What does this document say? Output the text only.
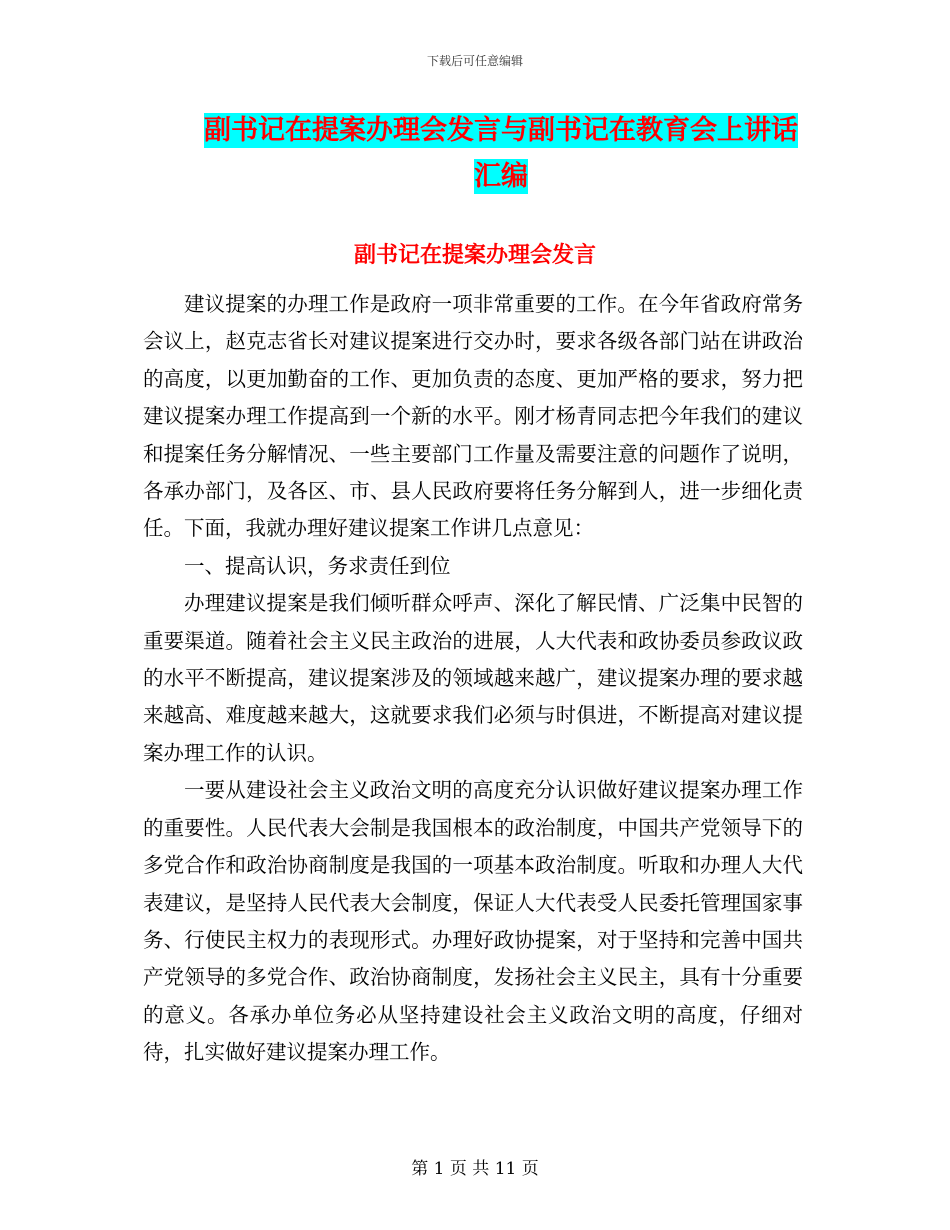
下载后可任意编辑
副书记在提案办理会发言与副书记在教育会上讲话汇编
副书记在提案办理会发言

建议提案的办理工作是政府一项非常重要的工作。在今年省政府常务会议上，赵克志省长对建议提案进行交办时，要求各级各部门站在讲政治的高度，以更加勤奋的工作、更加负责的态度、更加严格的要求，努力把建议提案办理工作提高到一个新的水平。刚才杨青同志把今年我们的建议和提案任务分解情况、一些主要部门工作量及需要注意的问题作了说明，各承办部门，及各区、市、县人民政府要将任务分解到人，进一步细化责任。下面，我就办理好建议提案工作讲几点意见：

一、提高认识，务求责任到位

办理建议提案是我们倾听群众呼声、深化了解民情、广泛集中民智的重要渠道。随着社会主义民主政治的进展，人大代表和政协委员参政议政的水平不断提高，建议提案涉及的领域越来越广，建议提案办理的要求越来越高、难度越来越大，这就要求我们必须与时俱进，不断提高对建议提案办理工作的认识。

一要从建设社会主义政治文明的高度充分认识做好建议提案办理工作的重要性。人民代表大会制是我国根本的政治制度，中国共产党领导下的多党合作和政治协商制度是我国的一项基本政治制度。听取和办理人大代表建议，是坚持人民代表大会制度，保证人大代表受人民委托管理国家事务、行使民主权力的表现形式。办理好政协提案，对于坚持和完善中国共产党领导的多党合作、政治协商制度，发扬社会主义民主，具有十分重要的意义。各承办单位务必从坚持建设社会主义政治文明的高度，仔细对待，扎实做好建议提案办理工作。

第 1 页 共 11 页
